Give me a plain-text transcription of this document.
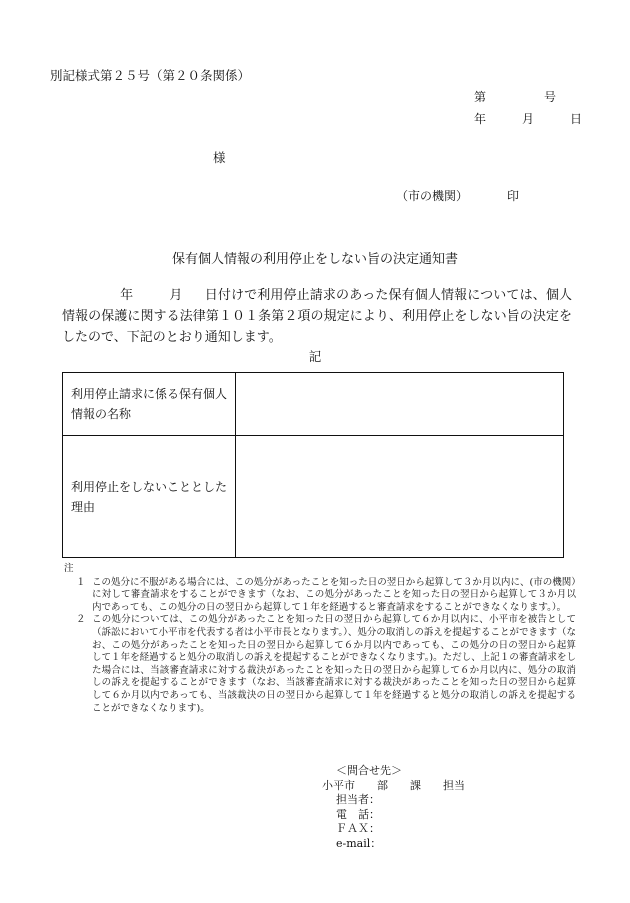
別記様式第２５号（第２０条関係）
第	号
年	月	日
様
（市の機関）	印
保有個人情報の利用停止をしない旨の決定通知書
年	月 日付けで利用停止請求のあった保有個人情報については、個人情報の保護に関する法律第１０１条第２項の規定により、利用停止をしない旨の決定をしたので、下記のとおり通知します。
記
利用停止請求に係る保有個人情報の名称	
利用停止をしないこととした理由	
注
１ この処分に不服がある場合には、この処分があったことを知った日の翌日から起算して３か月以内に、(市の機関）に対して審査請求をすることができます（なお、この処分があったことを知った日の翌日から起算して３か月以内であっても、この処分の日の翌日から起算して１年を経過すると審査請求をすることができなくなります。）。
２ この処分については、この処分があったことを知った日の翌日から起算して６か月以内に、小平市を被告として（訴訟において小平市を代表する者は小平市長となります。）、処分の取消しの訴えを提起することができます（なお、この処分があったことを知った日の翌日から起算して６か月以内であっても、この処分の日の翌日から起算して１年を経過すると処分の取消しの訴えを提起することができなくなります。)。ただし、上記１の審査請求をした場合には、当該審査請求に対する裁決があったことを知った日の翌日から起算して６か月以内に、処分の取消しの訴えを提起することができます（なお、当該審査請求に対する裁決があったことを知った日の翌日から起算して６か月以内であっても、当該裁決の日の翌日から起算して１年を経過すると処分の取消しの訴えを提起することができなくなります)。
＜問合せ先＞
小平市 部 課 担当
担当者：
電　話：
ＦＡＸ：
e-mail：
